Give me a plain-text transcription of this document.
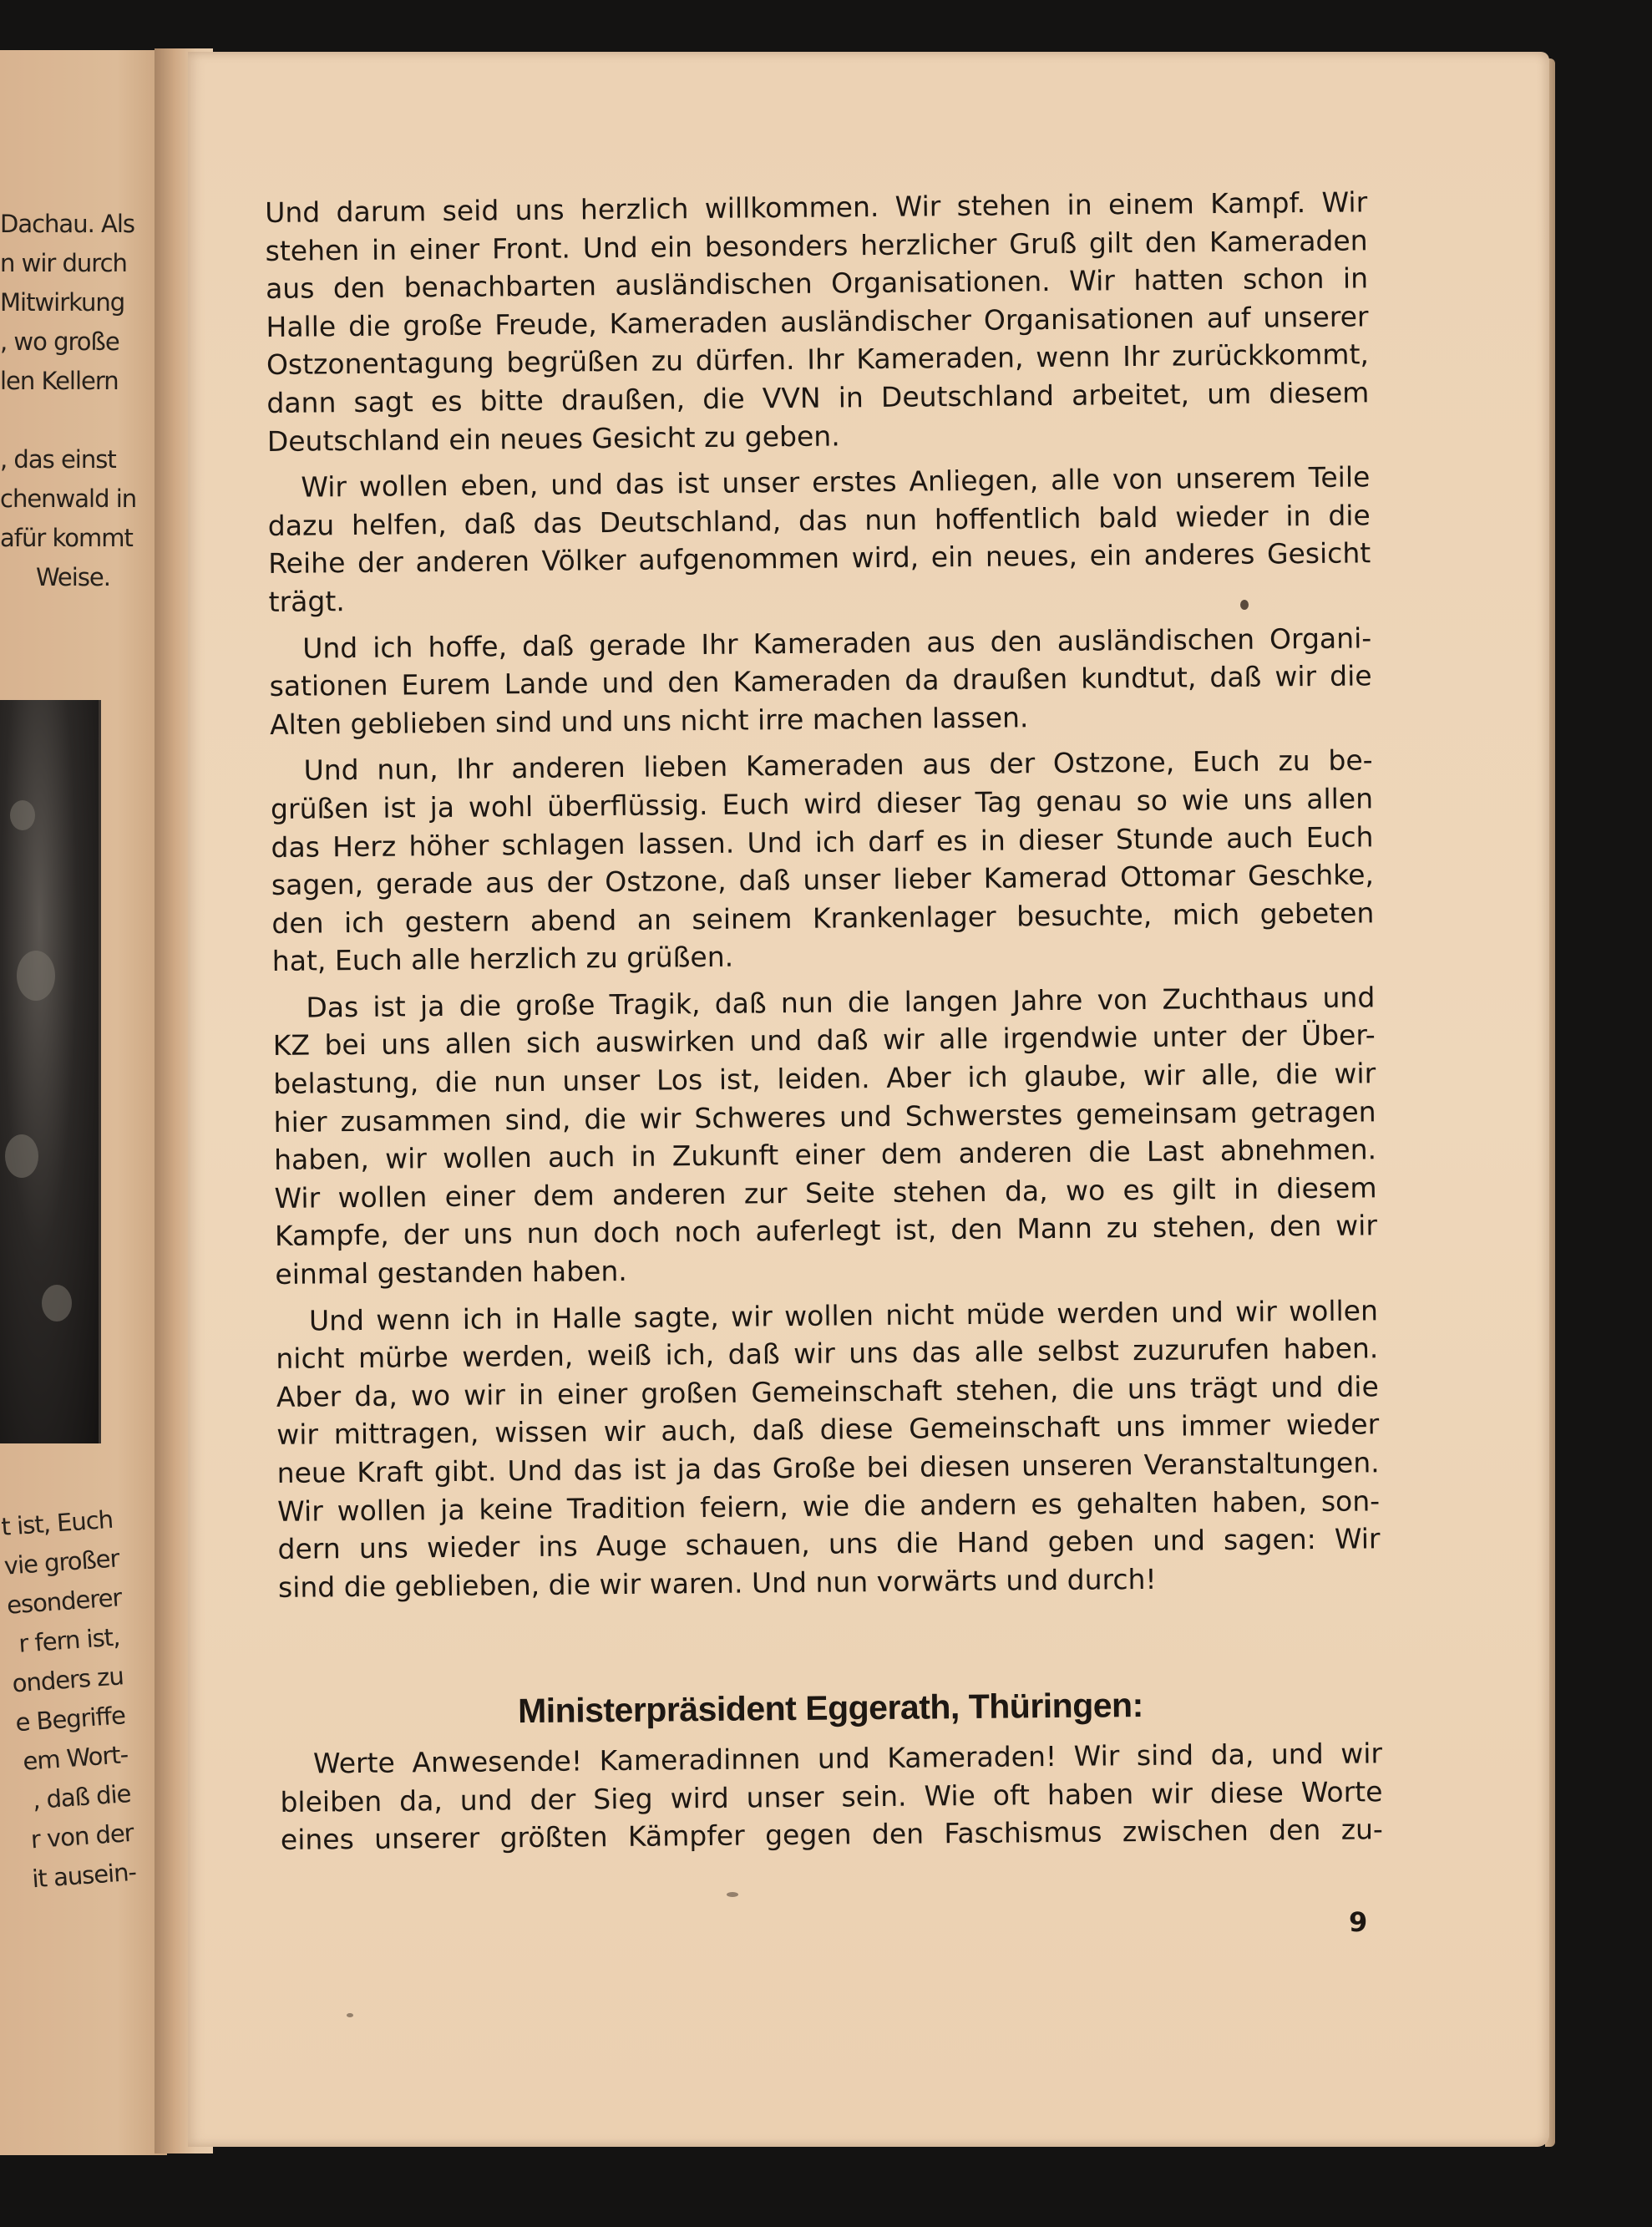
Dachau. Als
n wir durch
Mitwirkung
, wo große
len Kellern
, das einst
chenwald in
afür kommt
Weise.
t ist, Euch
vie großer
esonderer
r fern ist,
onders zu
e Begriffe
em Wort-
, daß die
r von der
it ausein-
Und darum seid uns herzlich willkommen. Wir stehen in einem Kampf. Wir
stehen in einer Front. Und ein besonders herzlicher Gruß gilt den Kameraden
aus den benachbarten ausländischen Organisationen. Wir hatten schon in
Halle die große Freude, Kameraden ausländischer Organisationen auf unserer
Ostzonentagung begrüßen zu dürfen. Ihr Kameraden, wenn Ihr zurückkommt,
dann sagt es bitte draußen, die VVN in Deutschland arbeitet, um diesem
Deutschland ein neues Gesicht zu geben.
Wir wollen eben, und das ist unser erstes Anliegen, alle von unserem Teile
dazu helfen, daß das Deutschland, das nun hoffentlich bald wieder in die
Reihe der anderen Völker aufgenommen wird, ein neues, ein anderes Gesicht
trägt.
Und ich hoffe, daß gerade Ihr Kameraden aus den ausländischen Organi-
sationen Eurem Lande und den Kameraden da draußen kundtut, daß wir die
Alten geblieben sind und uns nicht irre machen lassen.
Und nun, Ihr anderen lieben Kameraden aus der Ostzone, Euch zu be-
grüßen ist ja wohl überflüssig. Euch wird dieser Tag genau so wie uns allen
das Herz höher schlagen lassen. Und ich darf es in dieser Stunde auch Euch
sagen, gerade aus der Ostzone, daß unser lieber Kamerad Ottomar Geschke,
den ich gestern abend an seinem Krankenlager besuchte, mich gebeten
hat, Euch alle herzlich zu grüßen.
Das ist ja die große Tragik, daß nun die langen Jahre von Zuchthaus und
KZ bei uns allen sich auswirken und daß wir alle irgendwie unter der Über-
belastung, die nun unser Los ist, leiden. Aber ich glaube, wir alle, die wir
hier zusammen sind, die wir Schweres und Schwerstes gemeinsam getragen
haben, wir wollen auch in Zukunft einer dem anderen die Last abnehmen.
Wir wollen einer dem anderen zur Seite stehen da, wo es gilt in diesem
Kampfe, der uns nun doch noch auferlegt ist, den Mann zu stehen, den wir
einmal gestanden haben.
Und wenn ich in Halle sagte, wir wollen nicht müde werden und wir wollen
nicht mürbe werden, weiß ich, daß wir uns das alle selbst zuzurufen haben.
Aber da, wo wir in einer großen Gemeinschaft stehen, die uns trägt und die
wir mittragen, wissen wir auch, daß diese Gemeinschaft uns immer wieder
neue Kraft gibt. Und das ist ja das Große bei diesen unseren Veranstaltungen.
Wir wollen ja keine Tradition feiern, wie die andern es gehalten haben, son-
dern uns wieder ins Auge schauen, uns die Hand geben und sagen: Wir
sind die geblieben, die wir waren. Und nun vorwärts und durch!
Ministerpräsident Eggerath, Thüringen:
Werte Anwesende! Kameradinnen und Kameraden! Wir sind da, und wir
bleiben da, und der Sieg wird unser sein. Wie oft haben wir diese Worte
eines unserer größten Kämpfer gegen den Faschismus zwischen den zu-
9
